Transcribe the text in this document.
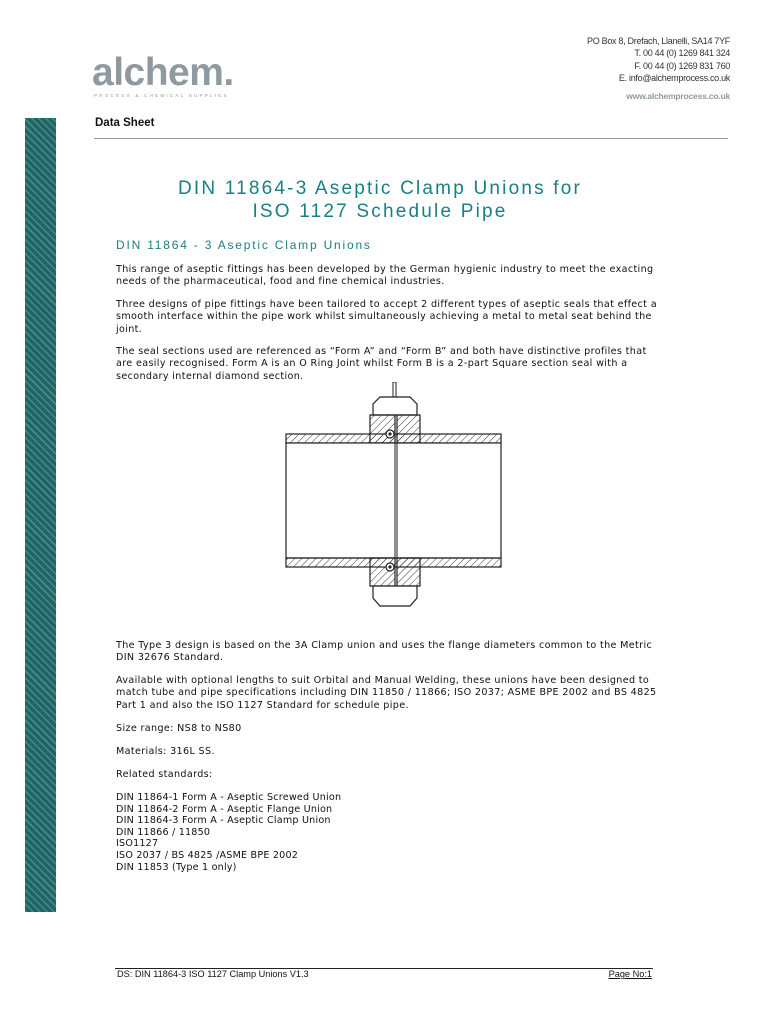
alchem.
PROCESS & CHEMICAL SUPPLIES
PO Box 8, Drefach, Llanelli, SA14 7YF
T. 00 44 (0) 1269 841 324
F. 00 44 (0) 1269 831 760
E. info@alchemprocess.co.uk
www.alchemprocess.co.uk
Data Sheet
DIN 11864-3 Aseptic Clamp Unions for
ISO 1127 Schedule Pipe
DIN 11864 - 3 Aseptic Clamp Unions

This range of aseptic fittings has been developed by the German hygienic industry to meet the exacting needs of the pharmaceutical, food and fine chemical industries.

Three designs of pipe fittings have been tailored to accept 2 different types of aseptic seals that effect a smooth interface within the pipe work whilst simultaneously achieving a metal to metal seat behind the joint.

The seal sections used are referenced as “Form A” and “Form B” and both have distinctive profiles that are easily recognised. Form A is an O Ring Joint whilst Form B is a 2-part Square section seal with a secondary internal diamond section.

The Type 3 design is based on the 3A Clamp union and uses the flange diameters common to the Metric DIN 32676 Standard.

Available with optional lengths to suit Orbital and Manual Welding, these unions have been designed to match tube and pipe specifications including DIN 11850 / 11866; ISO 2037; ASME BPE 2002 and BS 4825 Part 1 and also the ISO 1127 Standard for schedule pipe.

Size range: NS8 to NS80

Materials: 316L SS.

Related standards:

DIN 11864-1 Form A - Aseptic Screwed Union
DIN 11864-2 Form A - Aseptic Flange Union
DIN 11864-3 Form A - Aseptic Clamp Union
DIN 11866 / 11850
ISO1127
ISO 2037 / BS 4825 /ASME BPE 2002
DIN 11853 (Type 1 only)
DS: DIN 11864-3 ISO 1127 Clamp Unions V1.3	Page No:1
